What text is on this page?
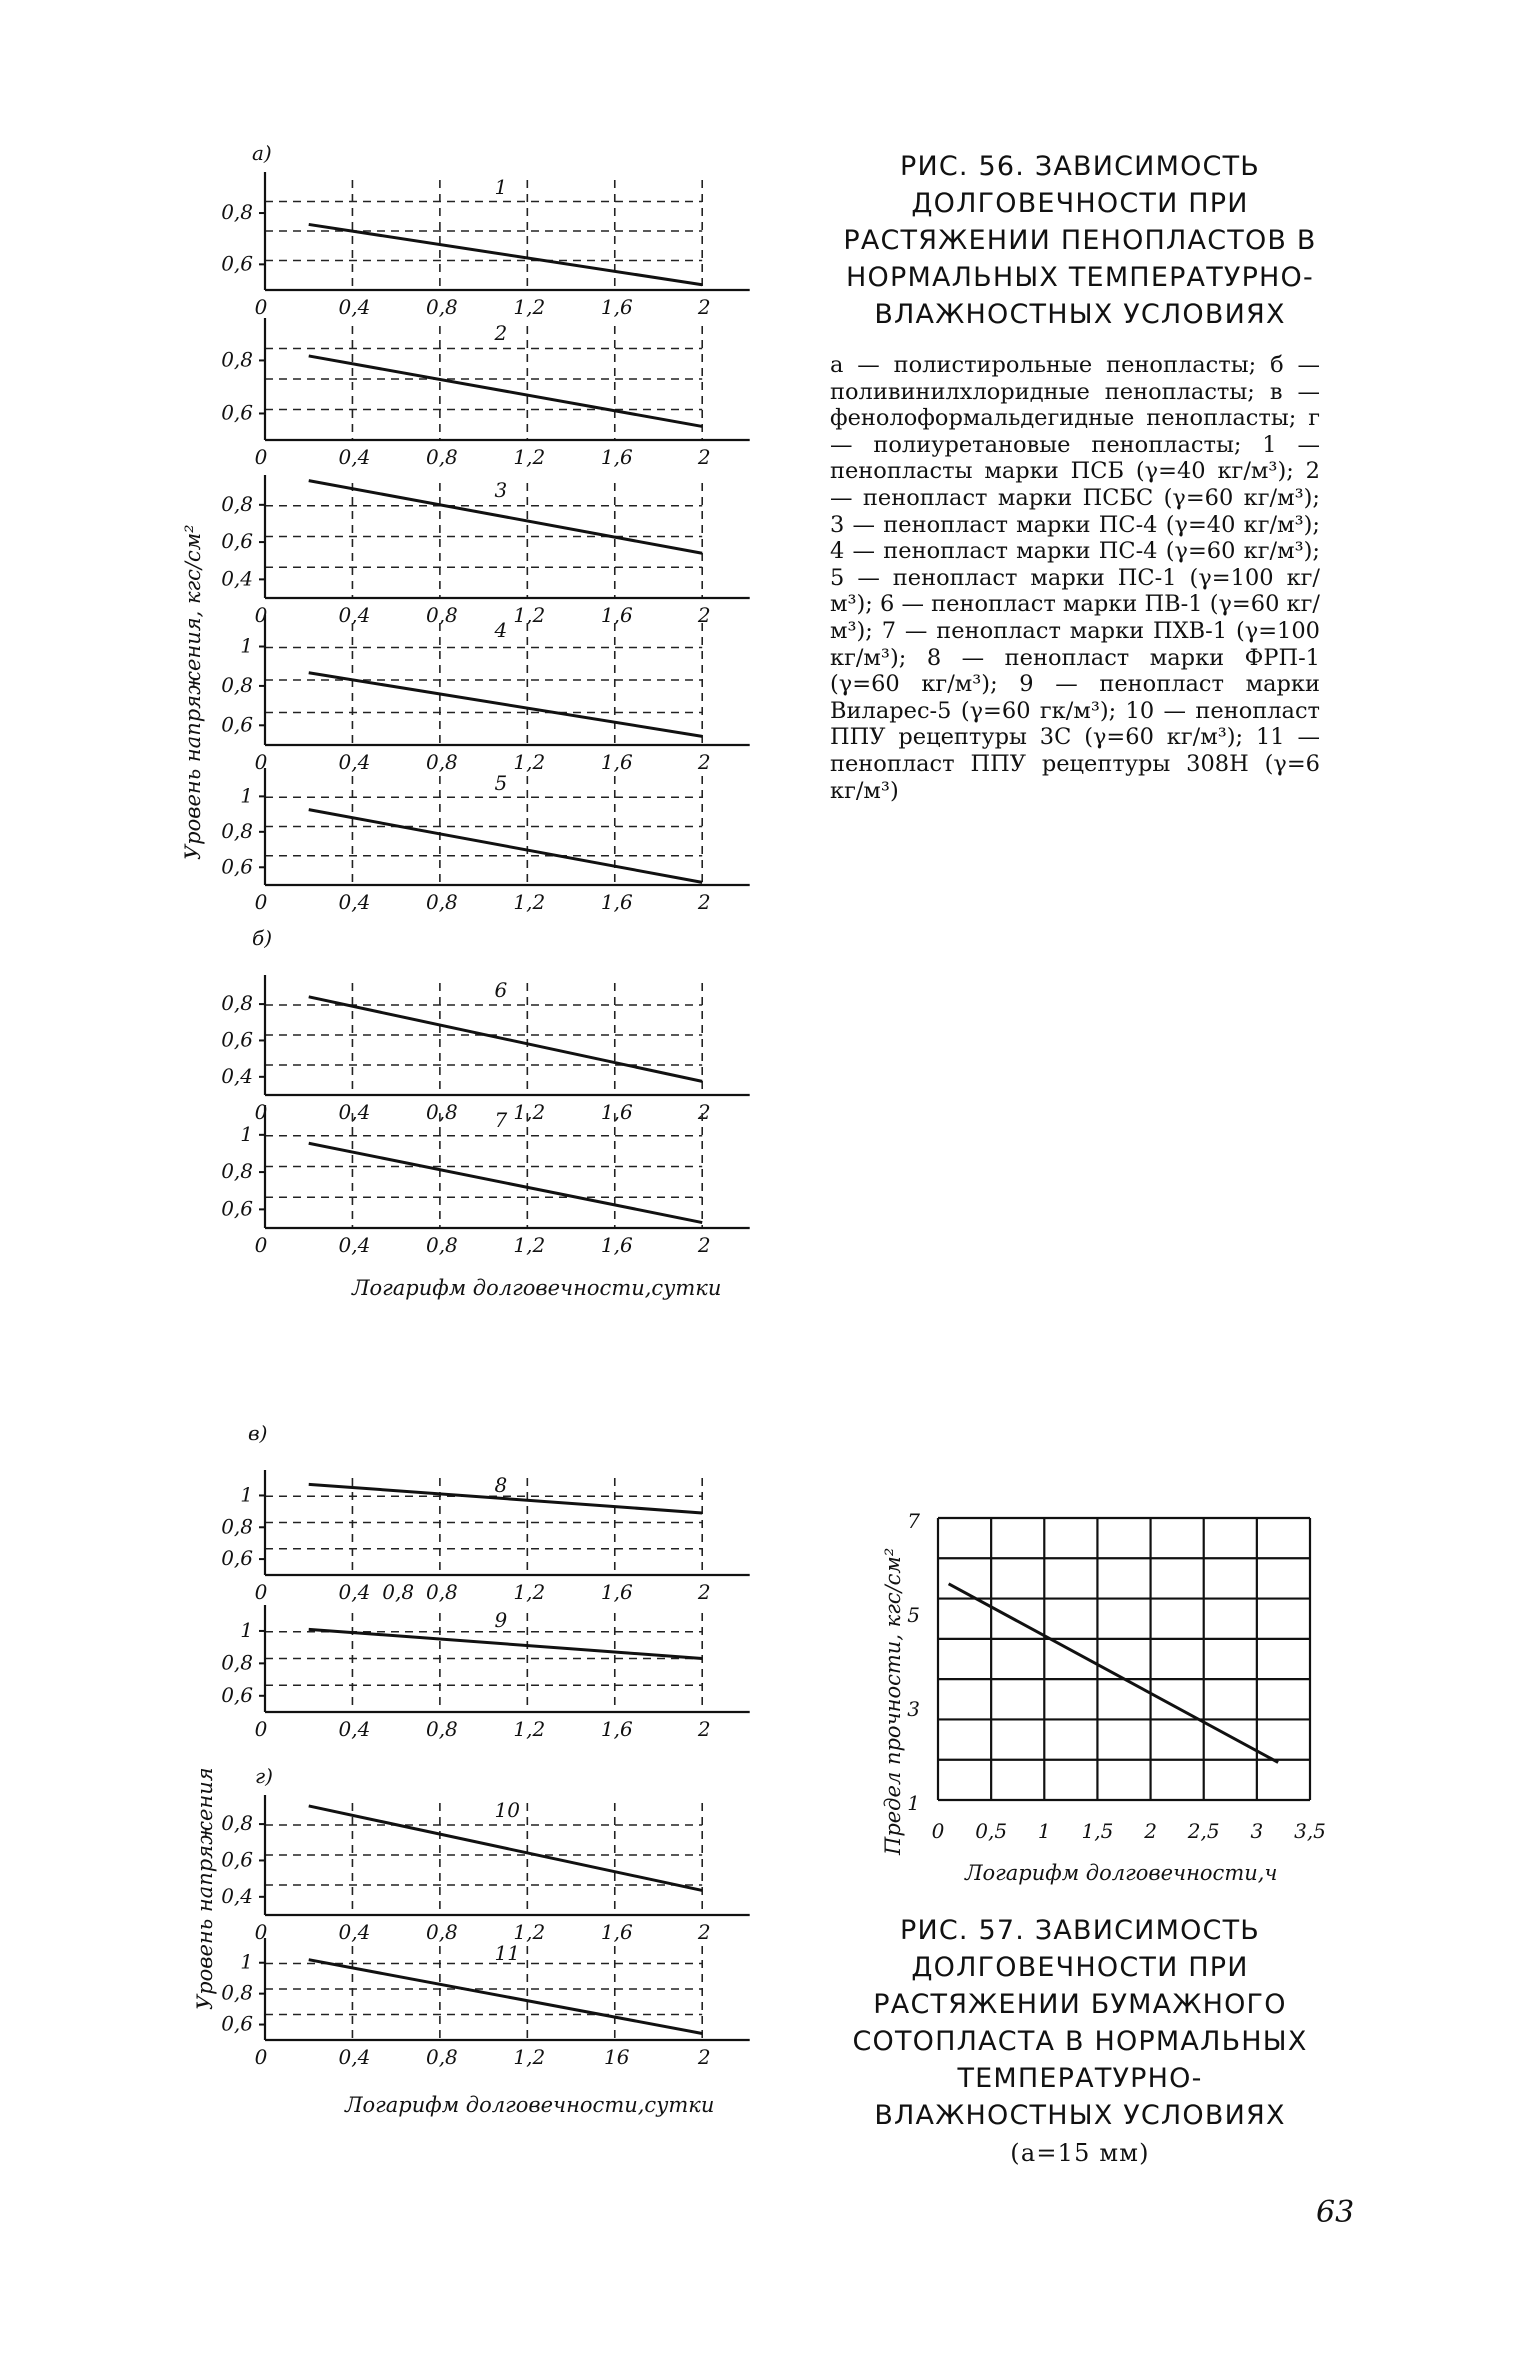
0,8
0,6
0	0,4	0,8	1,2	1,6	2
1
а)
0,8
0,6
0	0,4	0,8	1,2	1,6	2
2
0,8
0,6
0,4
0	0,4	0,8	1,2	1,6	2
3
1
0,8
0,6
0	0,4	0,8	1,2	1,6	2
4
1
0,8
0,6
0	0,4	0,8	1,2	1,6	2
5
0,8
0,6
0,4
0	0,4	0,8	1,2	1,6	2
6
б)
1
0,8
0,6
0	0,4	0,8	1,2	1,6	2
7
1
0,8
0,6
0	0,4 0,8 0,8	1,2	1,6	2
8
в)
1
0,8
0,6
0	0,4	0,8	1,2	1,6	2
9
0,8
0,6
0,4
0	0,4	0,8	1,2	1,6	2
10
г)
1
0,8
0,6
0	0,4	0,8	1,2	16	2
11
1
3
5
7
0 0,5 1 1,5 2 2,5 3 3,5
Логарифм долговечности,ч
Предел прочности, кгс/см²
Уровень напряжения, кгс/см²
Уровень напряжения
Логарифм долговечности,сутки
Логарифм долговечности,сутки
РИС. 56. ЗАВИСИМОСТЬ ДОЛГОВЕЧНОСТИ ПРИ РАСТЯЖЕНИИ ПЕНОПЛАСТОВ В НОРМАЛЬНЫХ ТЕМПЕРАТУРНО-ВЛАЖНОСТНЫХ УСЛОВИЯХ
а — полистирольные пенопласты; б — поливинилхлоридные пенопласты; в — фенолоформальдегидные пенопласты; г — полиуретановые пенопласты; 1 — пенопласты марки ПСБ (γ=40 кг/м³); 2 — пенопласт марки ПСБС (γ=60 кг/м³); 3 — пенопласт марки ПС-4 (γ=40 кг/м³); 4 — пенопласт марки ПС-4 (γ=60 кг/м³); 5 — пенопласт марки ПС-1 (γ=100 кг/м³); 6 — пенопласт марки ПВ-1 (γ=60 кг/м³); 7 — пенопласт марки ПХВ-1 (γ=100 кг/м³); 8 — пенопласт марки ФРП-1 (γ=60 кг/м³); 9 — пенопласт марки Виларес-5 (γ=60 гк/м³); 10 — пенопласт ППУ рецептуры 3С (γ=60 кг/м³); 11 — пенопласт ППУ рецептуры 308Н (γ=6 кг/м³)
РИС. 57. ЗАВИСИМОСТЬ ДОЛГОВЕЧНОСТИ ПРИ РАСТЯЖЕНИИ БУМАЖНОГО СОТОПЛАСТА В НОРМАЛЬНЫХ ТЕМПЕРАТУРНО-ВЛАЖНОСТНЫХ УСЛОВИЯХ (а=15 мм)
63
